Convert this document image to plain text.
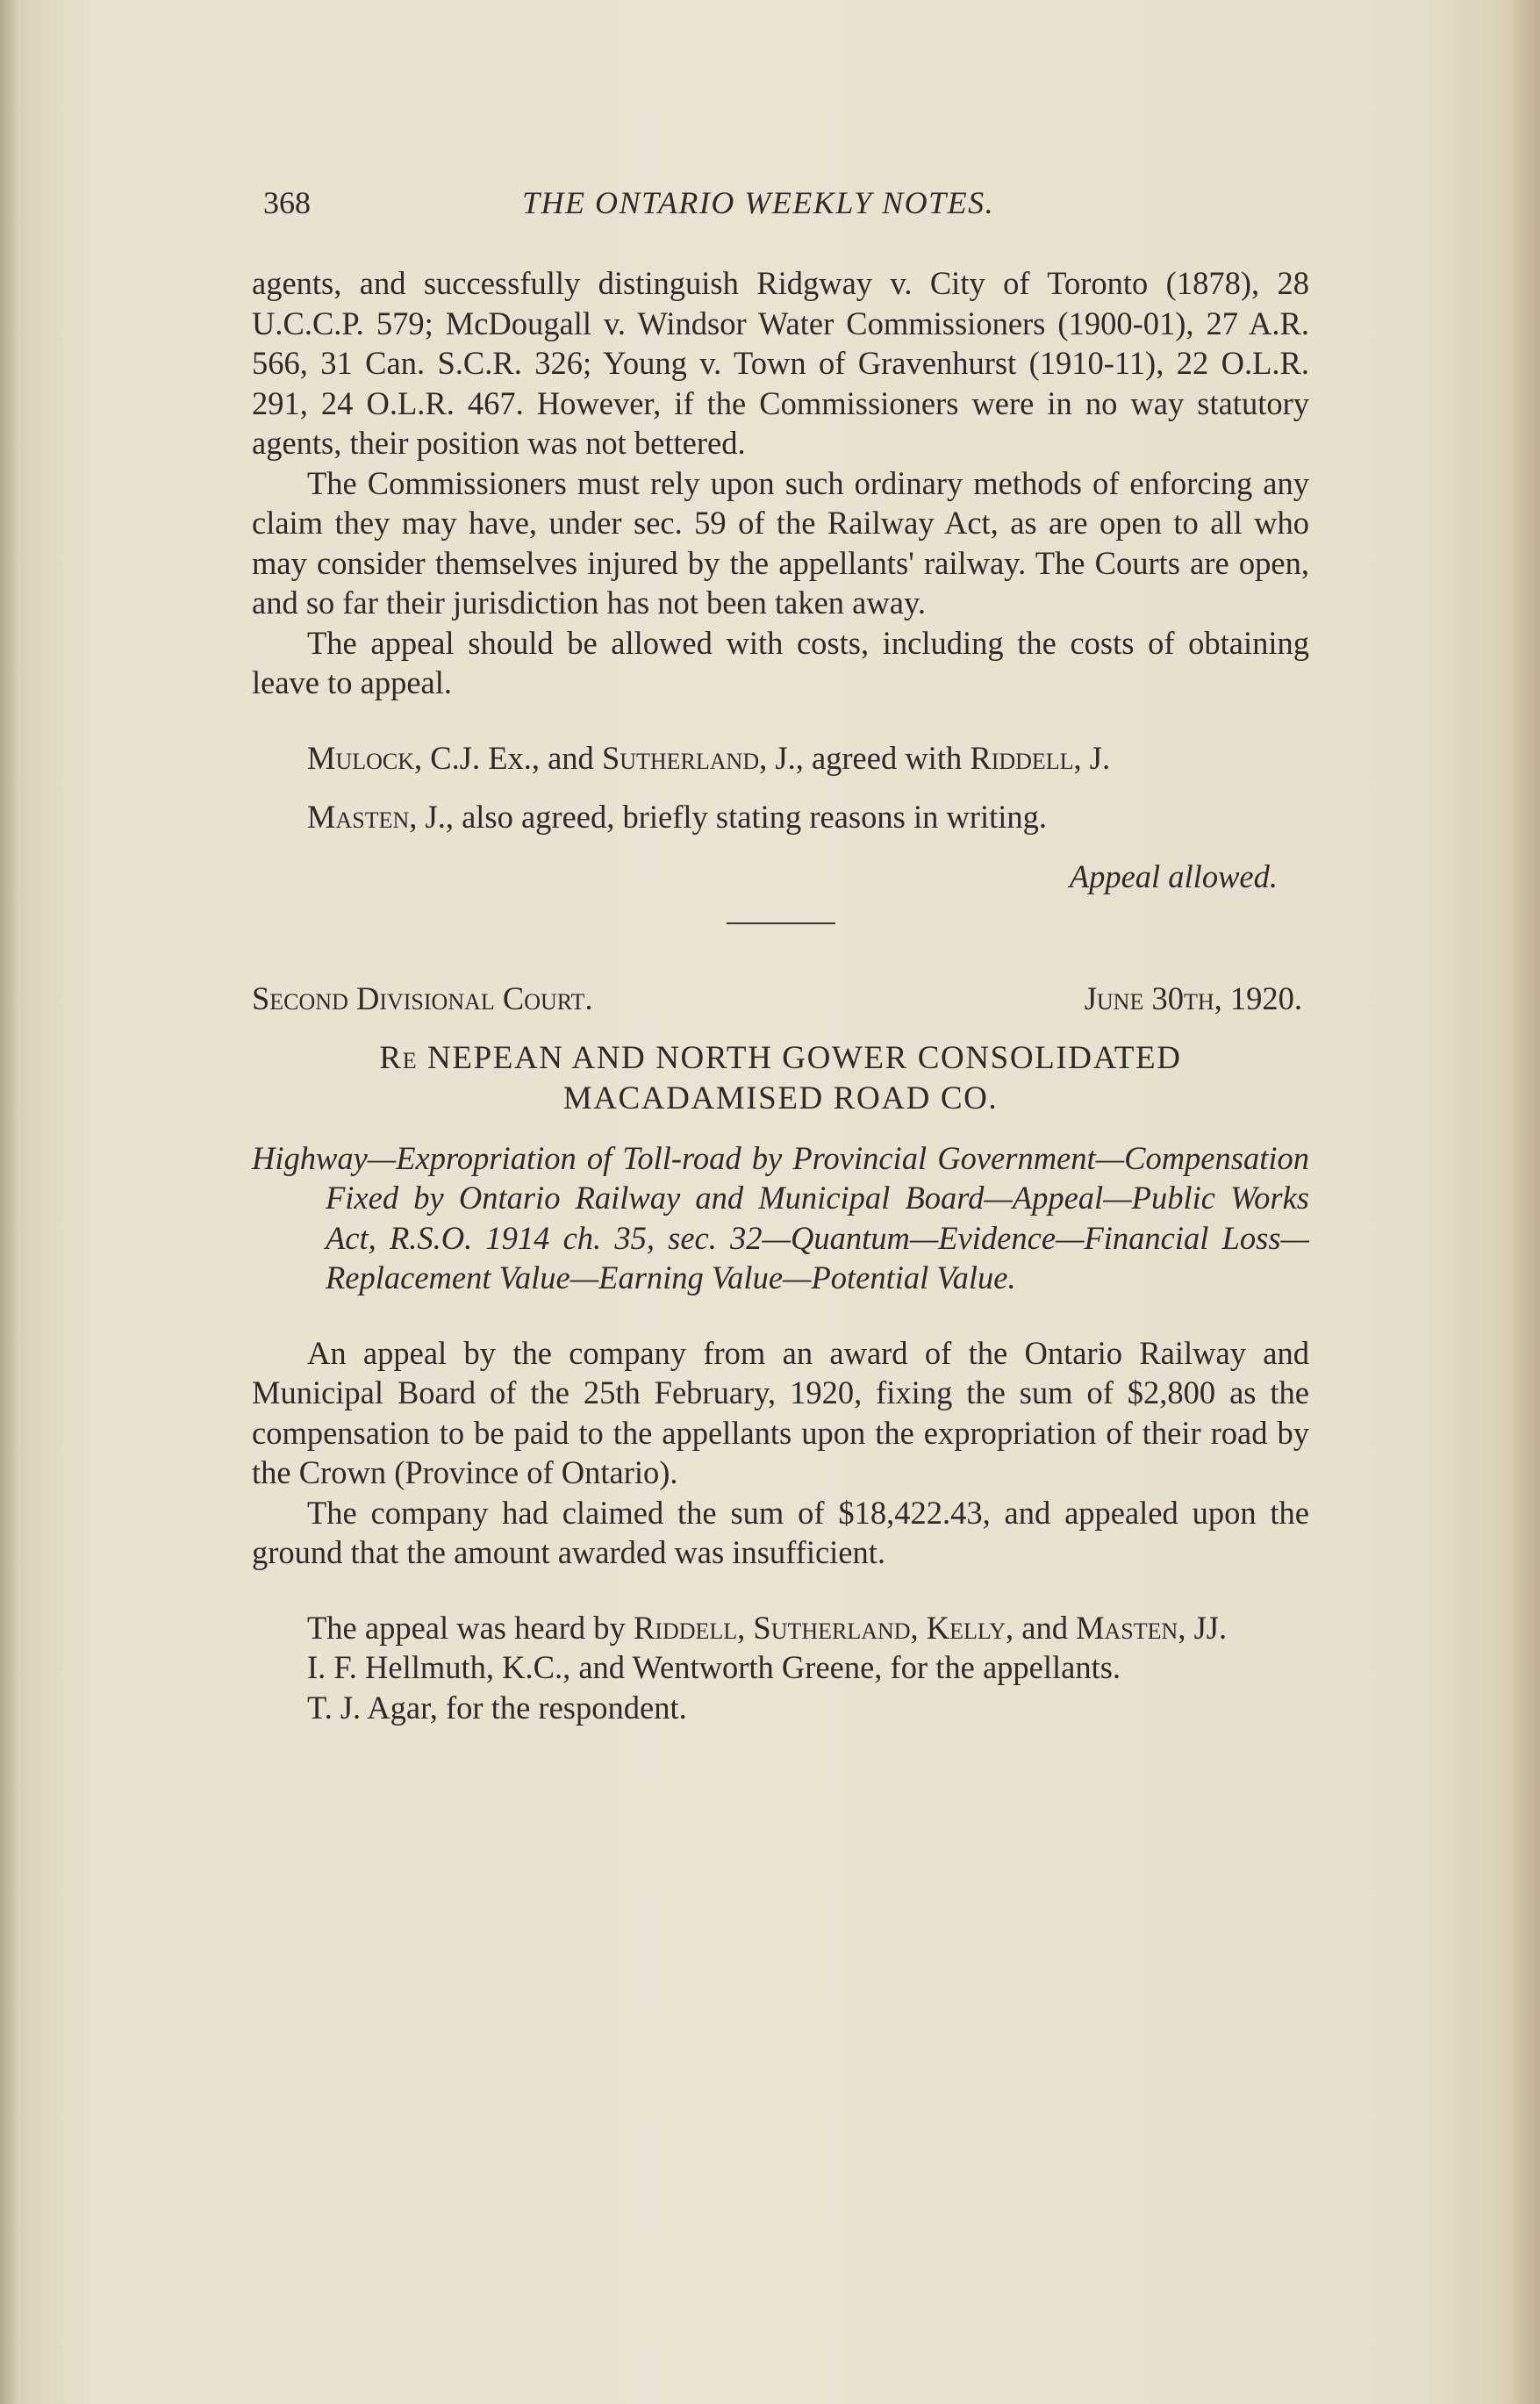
368	THE ONTARIO WEEKLY NOTES.

agents, and successfully distinguish Ridgway v. City of Toronto (1878), 28 U.C.C.P. 579; McDougall v. Windsor Water Commissioners (1900-01), 27 A.R. 566, 31 Can. S.C.R. 326; Young v. Town of Gravenhurst (1910-11), 22 O.L.R. 291, 24 O.L.R. 467. However, if the Commissioners were in no way statutory agents, their position was not bettered.

The Commissioners must rely upon such ordinary methods of enforcing any claim they may have, under sec. 59 of the Railway Act, as are open to all who may consider themselves injured by the appellants' railway. The Courts are open, and so far their jurisdiction has not been taken away.

The appeal should be allowed with costs, including the costs of obtaining leave to appeal.

Mulock, C.J. Ex., and Sutherland, J., agreed with Riddell, J.

Masten, J., also agreed, briefly stating reasons in writing.

Appeal allowed.

Second Divisional Court.	June 30th, 1920.

Re NEPEAN AND NORTH GOWER CONSOLIDATED
MACADAMISED ROAD CO.

Highway—Expropriation of Toll-road by Provincial Government—Compensation Fixed by Ontario Railway and Municipal Board—Appeal—Public Works Act, R.S.O. 1914 ch. 35, sec. 32—Quantum—Evidence—Financial Loss—Replacement Value—Earning Value—Potential Value.

An appeal by the company from an award of the Ontario Railway and Municipal Board of the 25th February, 1920, fixing the sum of $2,800 as the compensation to be paid to the appellants upon the expropriation of their road by the Crown (Province of Ontario).

The company had claimed the sum of $18,422.43, and appealed upon the ground that the amount awarded was insufficient.

The appeal was heard by Riddell, Sutherland, Kelly, and Masten, JJ.

I. F. Hellmuth, K.C., and Wentworth Greene, for the appellants.

T. J. Agar, for the respondent.
